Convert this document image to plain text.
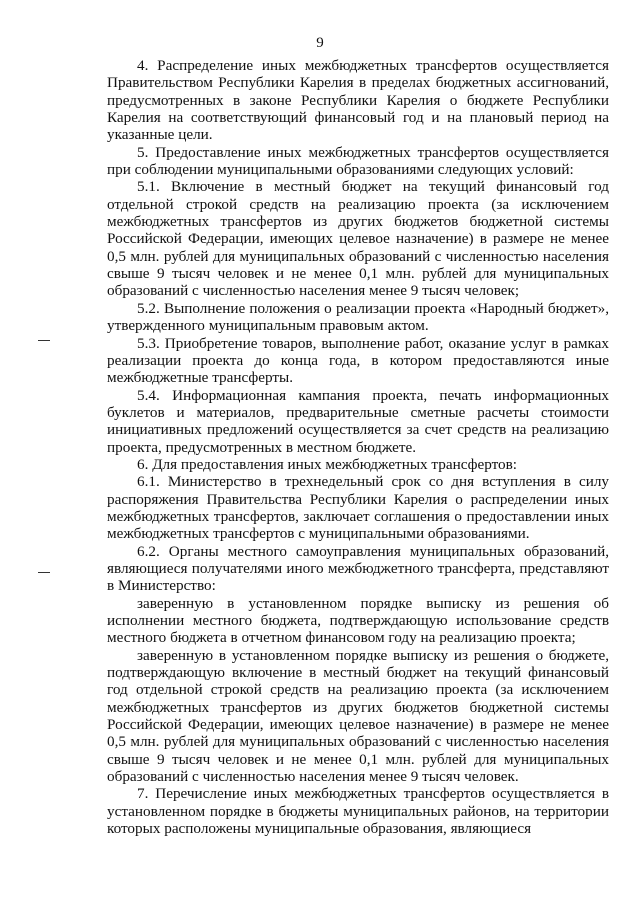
9

4. Распределение иных межбюджетных трансфертов осуществляется Правительством Республики Карелия в пределах бюджетных ассигнований, предусмотренных в законе Республики Карелия о бюджете Республики Карелия на соответствующий финансовый год и на плановый период на указанные цели.

5. Предоставление иных межбюджетных трансфертов осуществляется при соблюдении муниципальными образованиями следующих условий:

5.1. Включение в местный бюджет на текущий финансовый год отдельной строкой средств на реализацию проекта (за исключением межбюджетных трансфертов из других бюджетов бюджетной системы Российской Федерации, имеющих целевое назначение) в размере не менее 0,5 млн. рублей для муниципальных образований с численностью населения свыше 9 тысяч человек и не менее 0,1 млн. рублей для муниципальных образований с численностью населения менее 9 тысяч человек;

5.2. Выполнение положения о реализации проекта «Народный бюджет», утвержденного муниципальным правовым актом.

5.3. Приобретение товаров, выполнение работ, оказание услуг в рамках реализации проекта до конца года, в котором предоставляются иные межбюджетные трансферты.

5.4. Информационная кампания проекта, печать информационных буклетов и материалов, предварительные сметные расчеты стоимости инициативных предложений осуществляется за счет средств на реализацию проекта, предусмотренных в местном бюджете.

6. Для предоставления иных межбюджетных трансфертов:

6.1. Министерство в трехнедельный срок со дня вступления в силу распоряжения Правительства Республики Карелия о распределении иных межбюджетных трансфертов, заключает соглашения о предоставлении иных межбюджетных трансфертов с муниципальными образованиями.

6.2. Органы местного самоуправления муниципальных образований, являющиеся получателями иного межбюджетного трансферта, представляют в Министерство:

заверенную в установленном порядке выписку из решения об исполнении местного бюджета, подтверждающую использование средств местного бюджета в отчетном финансовом году на реализацию проекта;

заверенную в установленном порядке выписку из решения о бюджете, подтверждающую включение в местный бюджет на текущий финансовый год отдельной строкой средств на реализацию проекта (за исключением межбюджетных трансфертов из других бюджетов бюджетной системы Российской Федерации, имеющих целевое назначение) в размере не менее 0,5 млн. рублей для муниципальных образований с численностью населения свыше 9 тысяч человек и не менее 0,1 млн. рублей для муниципальных образований с численностью населения менее 9 тысяч человек.

7. Перечисление иных межбюджетных трансфертов осуществляется в установленном порядке в бюджеты муниципальных районов, на территории которых расположены муниципальные образования, являющиеся
